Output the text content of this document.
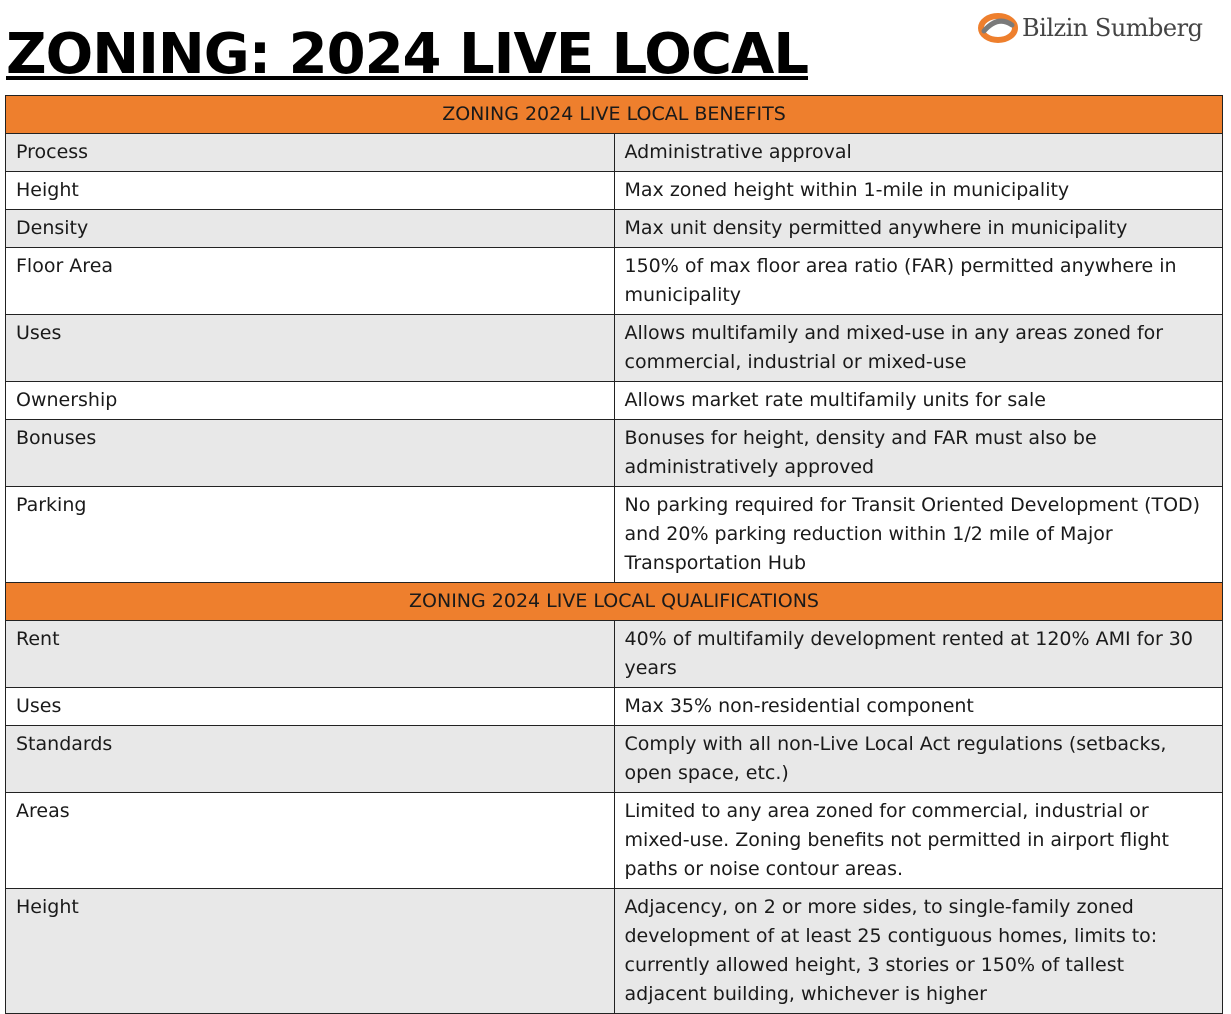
ZONING: 2024 LIVE LOCAL	Bilzin Sumberg
ZONING 2024 LIVE LOCAL BENEFITS	
Process	Administrative approval
Height	Max zoned height within 1-mile in municipality
Density	Max unit density permitted anywhere in municipality
Floor Area	150% of max floor area ratio (FAR) permitted anywhere in municipality
Uses	Allows multifamily and mixed-use in any areas zoned for commercial, industrial or mixed-use
Ownership	Allows market rate multifamily units for sale
Bonuses	Bonuses for height, density and FAR must also be administratively approved
Parking	No parking required for Transit Oriented Development (TOD) and 20% parking reduction within 1/2 mile of Major Transportation Hub
ZONING 2024 LIVE LOCAL QUALIFICATIONS	
Rent	40% of multifamily development rented at 120% AMI for 30 years
Uses	Max 35% non-residential component
Standards	Comply with all non-Live Local Act regulations (setbacks, open space, etc.)
Areas	Limited to any area zoned for commercial, industrial or mixed-use. Zoning benefits not permitted in airport flight paths or noise contour areas.
Height	Adjacency, on 2 or more sides, to single-family zoned development of at least 25 contiguous homes, limits to: currently allowed height, 3 stories or 150% of tallest adjacent building, whichever is higher
